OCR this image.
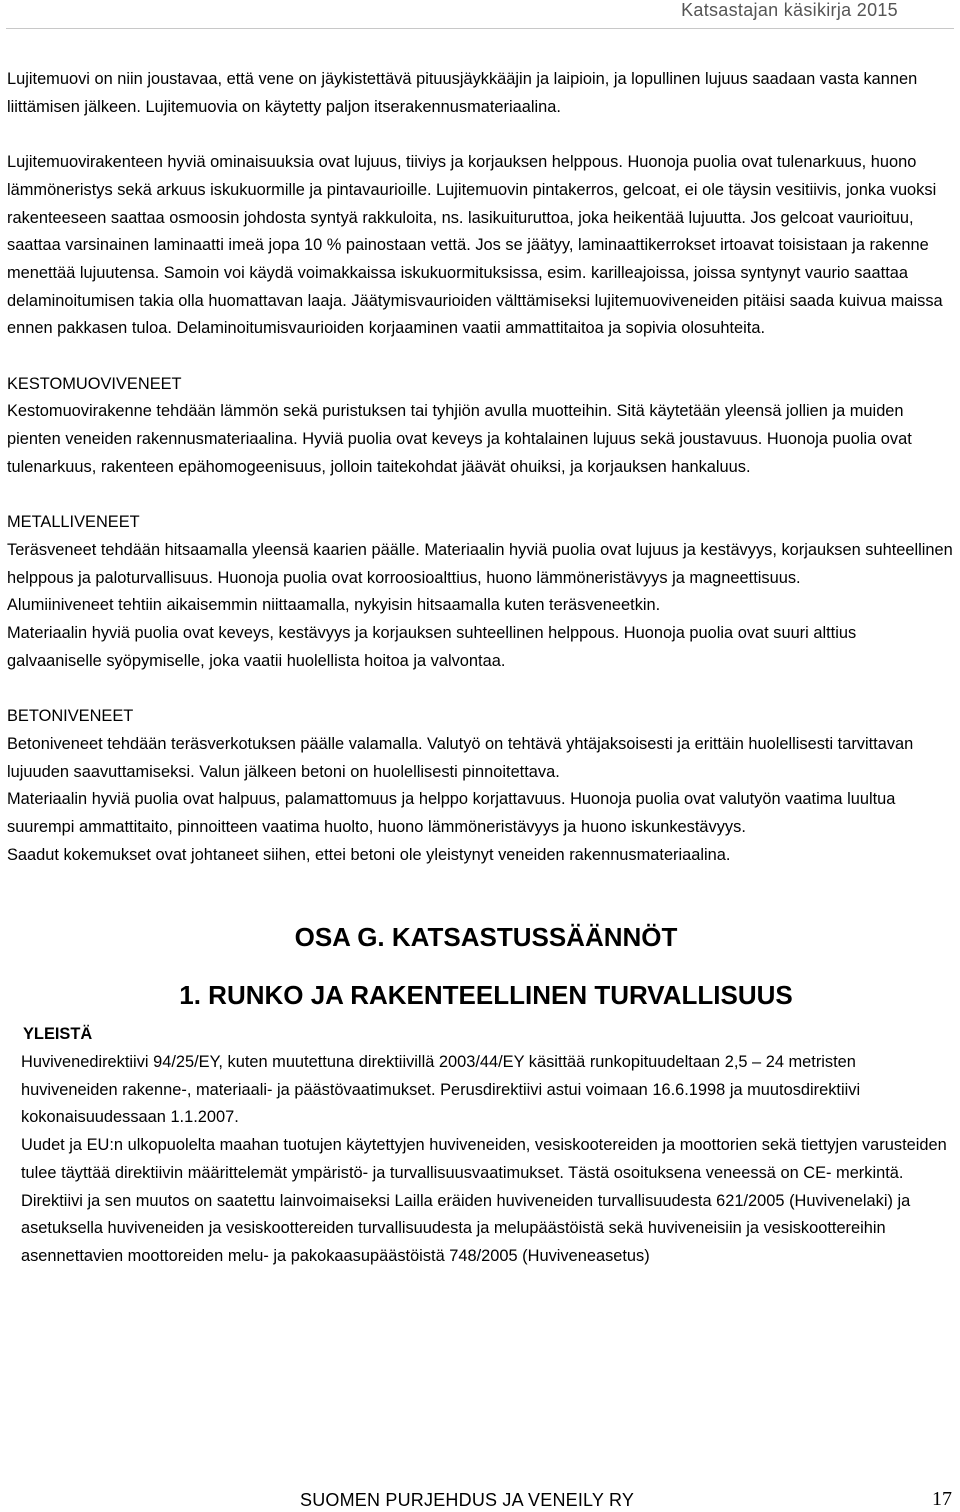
Katsastajan käsikirja 2015

Lujitemuovi on niin joustavaa, että vene on jäykistettävä pituusjäykkääjin ja laipioin, ja lopullinen lujuus saadaan vasta kannen liittämisen jälkeen. Lujitemuovia on käytetty paljon itserakennusmateriaalina.

Lujitemuovirakenteen hyviä ominaisuuksia ovat lujuus, tiiviys ja korjauksen helppous. Huonoja puolia ovat tulenarkuus, huono lämmöneristys sekä arkuus iskukuormille ja pintavaurioille. Lujitemuovin pintakerros, gelcoat, ei ole täysin vesitiivis, jonka vuoksi rakenteeseen saattaa osmoosin johdosta syntyä rakkuloita, ns. lasikuituruttoa, joka heikentää lujuutta. Jos gelcoat vaurioituu, saattaa varsinainen laminaatti imeä jopa 10 % painostaan vettä. Jos se jäätyy, laminaattikerrokset irtoavat toisistaan ja rakenne menettää lujuutensa. Samoin voi käydä voimakkaissa iskukuormituksissa, esim. karilleajoissa, joissa syntynyt vaurio saattaa delaminoitumisen takia olla huomattavan laaja. Jäätymisvaurioiden välttämiseksi lujitemuoviveneiden pitäisi saada kuivua maissa ennen pakkasen tuloa. Delaminoitumisvaurioiden korjaaminen vaatii ammattitaitoa ja sopivia olosuhteita.

KESTOMUOVIVENEET

Kestomuovirakenne tehdään lämmön sekä puristuksen tai tyhjiön avulla muotteihin. Sitä käytetään yleensä jollien ja muiden pienten veneiden rakennusmateriaalina. Hyviä puolia ovat keveys ja kohtalainen lujuus sekä joustavuus. Huonoja puolia ovat tulenarkuus, rakenteen epähomogeenisuus, jolloin taitekohdat jäävät ohuiksi, ja korjauksen hankaluus.

METALLIVENEET

Teräsveneet tehdään hitsaamalla yleensä kaarien päälle. Materiaalin hyviä puolia ovat lujuus ja kestävyys, korjauksen suhteellinen helppous ja paloturvallisuus. Huonoja puolia ovat korroosioalttius, huono lämmöneristävyys ja magneettisuus.

Alumiiniveneet tehtiin aikaisemmin niittaamalla, nykyisin hitsaamalla kuten teräsveneetkin.

Materiaalin hyviä puolia ovat keveys, kestävyys ja korjauksen suhteellinen helppous. Huonoja puolia ovat suuri alttius galvaaniselle syöpymiselle, joka vaatii huolellista hoitoa ja valvontaa.

BETONIVENEET

Betoniveneet tehdään teräsverkotuksen päälle valamalla. Valutyö on tehtävä yhtäjaksoisesti ja erittäin huolellisesti tarvittavan lujuuden saavuttamiseksi. Valun jälkeen betoni on huolellisesti pinnoitettava.

Materiaalin hyviä puolia ovat halpuus, palamattomuus ja helppo korjattavuus. Huonoja puolia ovat valutyön vaatima luultua suurempi ammattitaito, pinnoitteen vaatima huolto, huono lämmöneristävyys ja huono iskunkestävyys.

Saadut kokemukset ovat johtaneet siihen, ettei betoni ole yleistynyt veneiden rakennusmateriaalina.

OSA G. KATSASTUSSÄÄNNÖT

1. RUNKO JA RAKENTEELLINEN TURVALLISUUS

YLEISTÄ

Huvivenedirektiivi 94/25/EY, kuten muutettuna direktiivillä 2003/44/EY käsittää runkopituudeltaan 2,5 – 24 metristen huviveneiden rakenne-, materiaali- ja päästövaatimukset. Perusdirektiivi astui voimaan 16.6.1998 ja muutosdirektiivi kokonaisuudessaan 1.1.2007.

Uudet ja EU:n ulkopuolelta maahan tuotujen käytettyjen huviveneiden, vesiskootereiden ja moottorien sekä tiettyjen varusteiden tulee täyttää direktiivin määrittelemät ympäristö- ja turvallisuusvaatimukset. Tästä osoituksena veneessä on CE- merkintä. Direktiivi ja sen muutos on saatettu lainvoimaiseksi Lailla eräiden huviveneiden turvallisuudesta 621/2005 (Huvivenelaki) ja asetuksella huviveneiden ja vesiskoottereiden turvallisuudesta ja melupäästöistä sekä huviveneisiin ja vesiskoottereihin asennettavien moottoreiden melu- ja pakokaasupäästöistä 748/2005 (Huviveneasetus)

SUOMEN PURJEHDUS JA VENEILY RY	17
